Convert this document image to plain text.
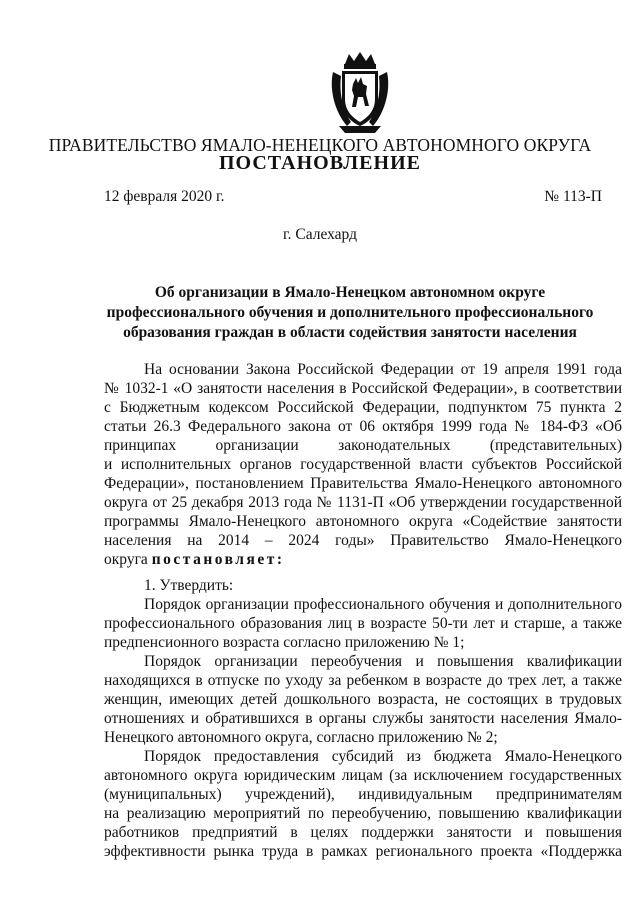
ПРАВИТЕЛЬСТВО ЯМАЛО-НЕНЕЦКОГО АВТОНОМНОГО ОКРУГА
ПОСТАНОВЛЕНИЕ
12 февраля 2020 г.	№ 113-П
г. Салехард
Об организации в Ямало-Ненецком автономном округе
профессионального обучения и дополнительного профессионального
образования граждан в области содействия занятости населения
На основании Закона Российской Федерации от 19 апреля 1991 года
№ 1032-1 «О занятости населения в Российской Федерации», в соответствии
с Бюджетным кодексом Российской Федерации, подпунктом 75 пункта 2
статьи 26.3 Федерального закона от 06 октября 1999 года № 184-ФЗ «Об
принципах организации законодательных (представительных)
и исполнительных органов государственной власти субъектов Российской
Федерации», постановлением Правительства Ямало-Ненецкого автономного
округа от 25 декабря 2013 года № 1131-П «Об утверждении государственной
программы Ямало-Ненецкого автономного округа «Содействие занятости
населения на 2014 – 2024 годы» Правительство Ямало-Ненецкого
округа постановляет:
1. Утвердить:
Порядок организации профессионального обучения и дополнительного
профессионального образования лиц в возрасте 50-ти лет и старше, а также
предпенсионного возраста согласно приложению № 1;
Порядок организации переобучения и повышения квалификации
находящихся в отпуске по уходу за ребенком в возрасте до трех лет, а также
женщин, имеющих детей дошкольного возраста, не состоящих в трудовых
отношениях и обратившихся в органы службы занятости населения Ямало-
Ненецкого автономного округа, согласно приложению № 2;
Порядок предоставления субсидий из бюджета Ямало-Ненецкого
автономного округа юридическим лицам (за исключением государственных
(муниципальных) учреждений), индивидуальным предпринимателям
на реализацию мероприятий по переобучению, повышению квалификации
работников предприятий в целях поддержки занятости и повышения
эффективности рынка труда в рамках регионального проекта «Поддержка
